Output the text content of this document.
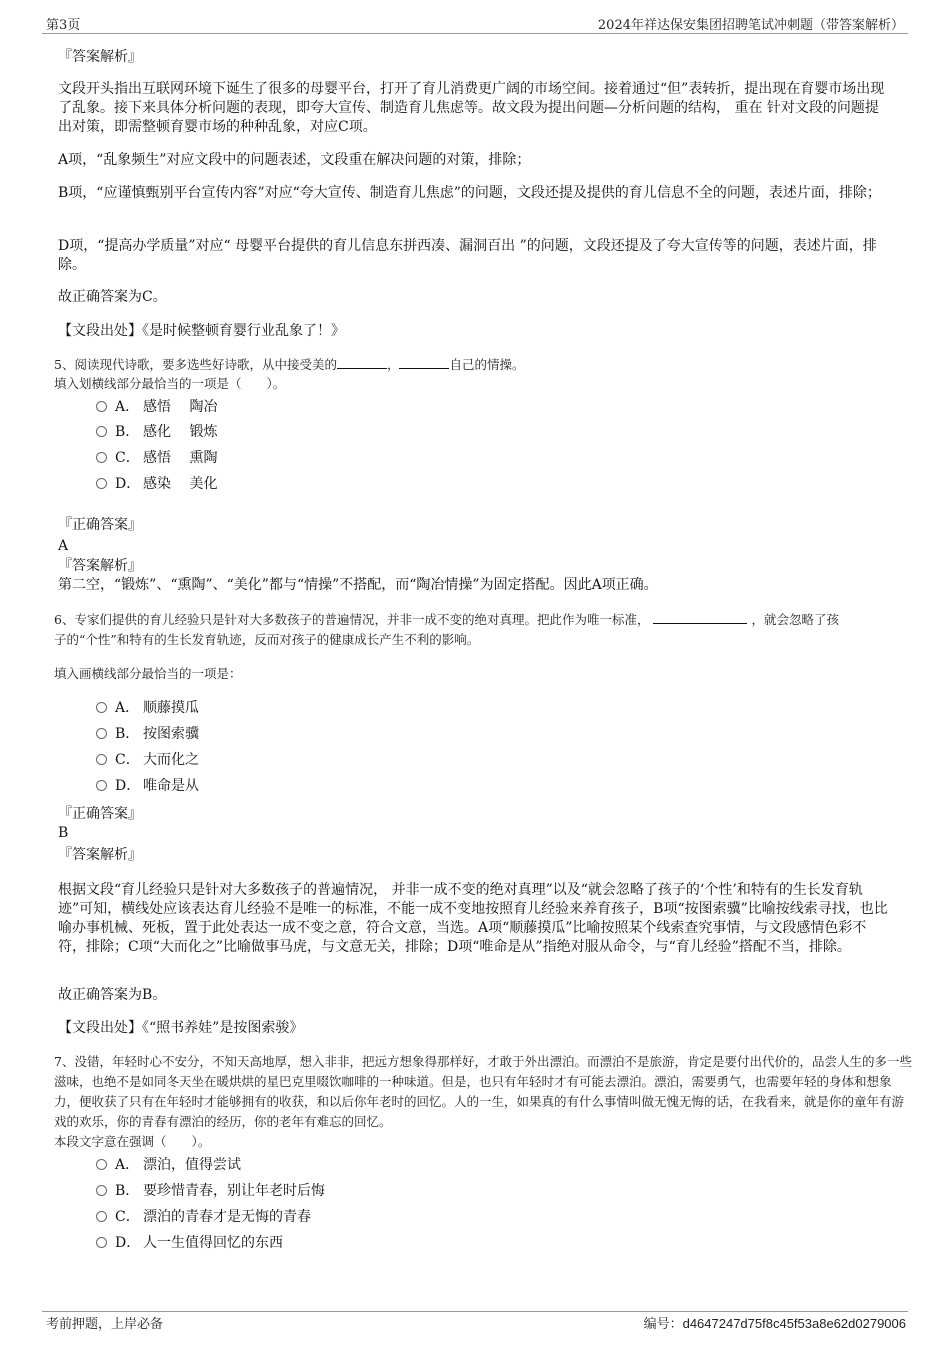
第3页	2024年祥达保安集团招聘笔试冲刺题（带答案解析）
『答案解析』
文段开头指出互联网环境下诞生了很多的母婴平台，打开了育儿消费更广阔的市场空间。接着通过“但”表转折，提出现在育婴市场出现了乱象。接下来具体分析问题的表现，即夸大宣传、制造育儿焦虑等。故文段为提出问题—分析问题的结构， 重在 针对文段的问题提出对策，即需整顿育婴市场的种种乱象，对应C项。
A项，“乱象频生”对应文段中的问题表述，文段重在解决问题的对策，排除；
B项，“应谨慎甄别平台宣传内容”对应“夸大宣传、制造育儿焦虑”的问题，文段还提及提供的育儿信息不全的问题，表述片面，排除；
D项，“提高办学质量”对应“ 母婴平台提供的育儿信息东拼西凑、漏洞百出 ”的问题，文段还提及了夸大宣传等的问题，表述片面，排除。
故正确答案为C。
【文段出处】《是时候整顿育婴行业乱象了！》
5、阅读现代诗歌，要多选些好诗歌，从中接受美的	，	自己的情操。
填入划横线部分最恰当的一项是（　　）。
A． 感悟　 陶冶
B． 感化　 锻炼
C． 感悟　 熏陶
D． 感染　 美化
『正确答案』
A
『答案解析』
第二空，“锻炼”、“熏陶”、“美化”都与“情操”不搭配，而“陶冶情操”为固定搭配。因此A项正确。
6、专家们提供的育儿经验只是针对大多数孩子的普遍情况，并非一成不变的绝对真理。把此作为唯一标准，	，就会忽略了孩
子的“个性”和特有的生长发育轨迹，反而对孩子的健康成长产生不利的影响。
填入画横线部分最恰当的一项是：
A． 顺藤摸瓜
B． 按图索骥
C． 大而化之
D． 唯命是从
『正确答案』
B
『答案解析』
根据文段“育儿经验只是针对大多数孩子的普遍情况， 并非一成不变的绝对真理”以及“就会忽略了孩子的‘个性’和特有的生长发育轨迹”可知，横线处应该表达育儿经验不是唯一的标准，不能一成不变地按照育儿经验来养育孩子，B项“按图索骥”比喻按线索寻找，也比喻办事机械、死板，置于此处表达一成不变之意，符合文意，当选。A项“顺藤摸瓜”比喻按照某个线索查究事情，与文段感情色彩不符，排除；C项“大而化之”比喻做事马虎，与文意无关，排除；D项“唯命是从”指绝对服从命令，与“育儿经验”搭配不当，排除。
故正确答案为B。
【文段出处】《“照书养娃”是按图索骏》
7、没错，年轻时心不安分，不知天高地厚，想入非非，把远方想象得那样好，才敢于外出漂泊。而漂泊不是旅游，肯定是要付出代价的，品尝人生的多一些滋味，也绝不是如同冬天坐在暖烘烘的星巴克里啜饮咖啡的一种味道。但是，也只有年轻时才有可能去漂泊。漂泊，需要勇气，也需要年轻的身体和想象力，便收获了只有在年轻时才能够拥有的收获，和以后你年老时的回忆。人的一生，如果真的有什么事情叫做无愧无悔的话，在我看来，就是你的童年有游戏的欢乐，你的青春有漂泊的经历，你的老年有难忘的回忆。
本段文字意在强调（　　）。
A． 漂泊，值得尝试
B． 要珍惜青春，别让年老时后悔
C． 漂泊的青春才是无悔的青春
D． 人一生值得回忆的东西
考前押题，上岸必备	编号：d4647247d75f8c45f53a8e62d0279006
